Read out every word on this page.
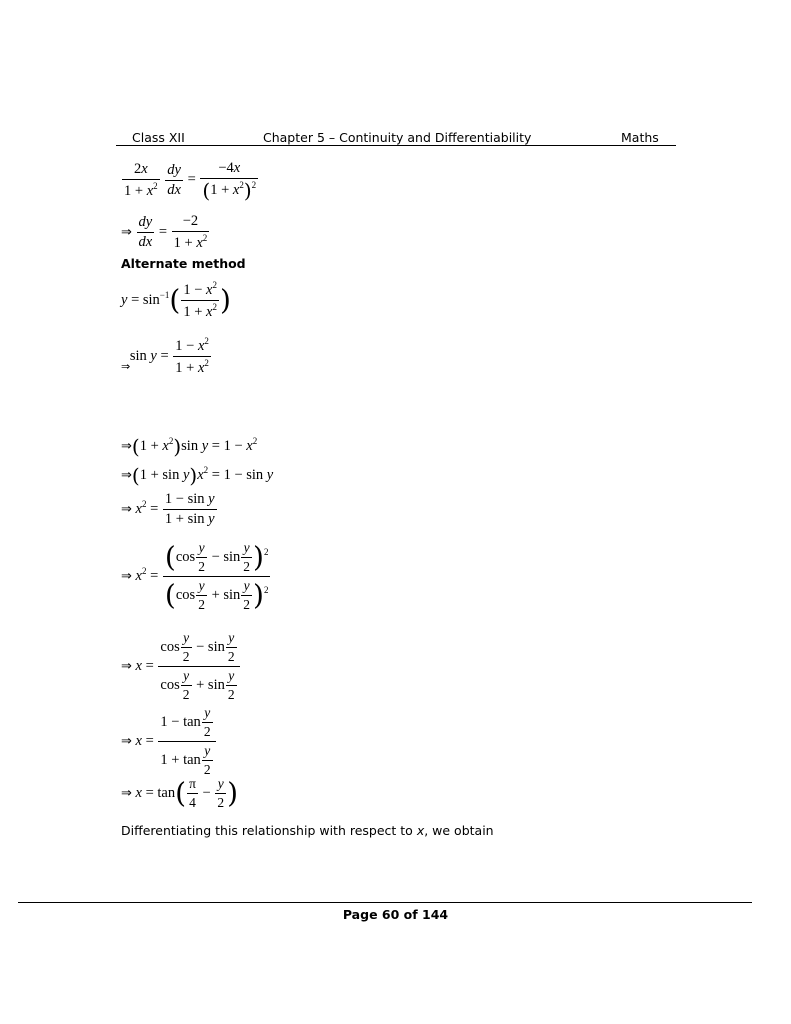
Class XII	Chapter 5 – Continuity and Differentiability	Maths
$\frac{2x}{1 + x^2}$
$\frac{dy}{dx} = \frac{-4x}{(1 + x^2)^2}$
⇒ $\frac{dy}{dx} = \frac{-2}{1 + x^2}$
Alternate method
$y = \sin^{-1}( \frac{1 - x^2}{1 + x^2}$ )
$_\Rightarrow$ $\sin y = \frac{1 - x^2}{1 + x^2}$
⇒(1 + $x^2)\sin$ $y = 1 - x^2$
⇒(1 + $\sin y)x^2 = 1 - \sin y$
⇒ $x^2 = \frac{\text{1 − sin y}}{\text{1 + sin y}}$
⇒ $x^2 = \frac{(\cos \frac{y}{2} - \sin \frac{y}{2} )^2}{(\cos \frac{y}{2} + \sin \frac{y}{2} )^2}$
⇒ $x = \frac{\cos \frac{y}{2} - \sin \frac{y}{2}}{\cos \frac{y}{2} + \sin \frac{y}{2}}$
⇒ $x = \frac{1 - \tan \frac{y}{2}}{1 + \tan \frac{y}{2}}$
⇒ $x = \tan( \frac{\pi}{4} - \frac{y}{2}$ )
Differentiating this relationship with respect to x, we obtain
Page 60 of 144
